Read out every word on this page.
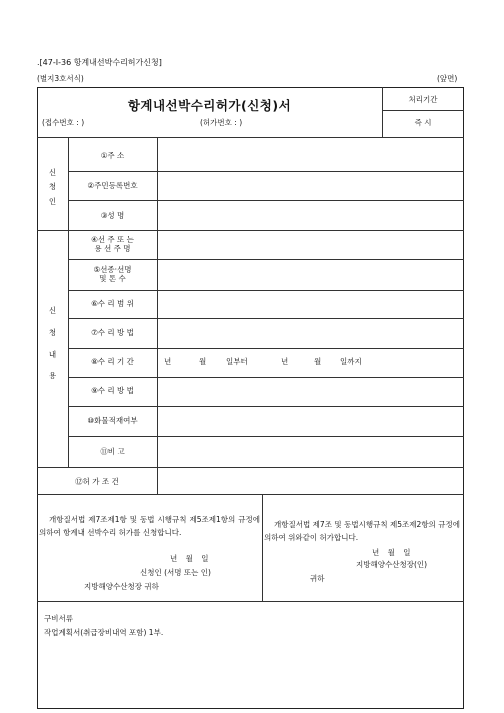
.[47-Ⅰ-36 항계내선박수리허가신청]
(별지3호서식)	(앞면)
항계내선박수리허가(신청)서
(접수번호 : )	(허가번호 : )
처리기간
즉 시
신
청
인
①주 소
②주민등록번호
③성 명
신
청
내
용
④선 주 또 는
용 선 주 명
⑤선종·선명
및 톤 수
⑥수 리 범 위
⑦수 리 방 법
⑧수 리 기 간	년	월	일부터	년	월	일까지
⑨수 리 방 법
⑩화물적재여부
⑪비 고
⑫허 가 조 건
개항질서법 제7조제1항 및 동법 시행규칙 제5조제1항의 규정에 의하여 항계내 선박수리 허가를 신청합니다.
년 월 일
신청인 (서명 또는 인)
지방해양수산청장 귀하
개항질서법 제7조 및 동법시행규칙 제5조제2항의 규정에 의하여 위와같이 허가합니다.
년 월 일
지방해양수산청장(인)
귀하
구비서류
작업계획서(취급장비내역 포함) 1부.
